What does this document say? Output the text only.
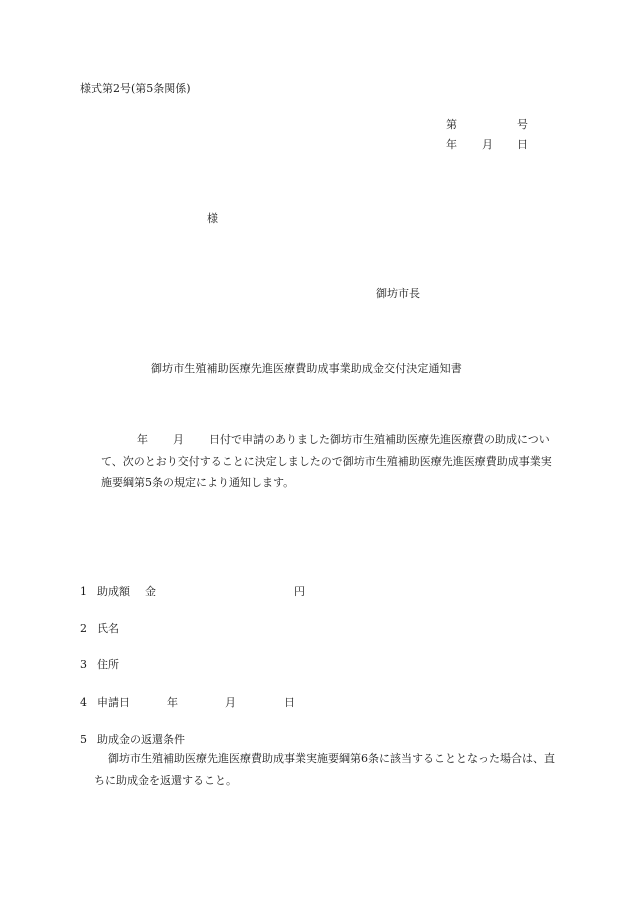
様式第2号(第5条関係)
第	号
年 月 日
様
御坊市長
御坊市生殖補助医療先進医療費助成事業助成金交付決定通知書
年 月 日付で申請のありました御坊市生殖補助医療先進医療費の助成について、次のとおり交付することに決定しましたので御坊市生殖補助医療先進医療費助成事業実施要綱第5条の規定により通知します。
1 助成額 金	円
2 氏名
3 住所
4 申請日	年	月	日
5 助成金の返還条件
御坊市生殖補助医療先進医療費助成事業実施要綱第6条に該当することとなった場合は、直ちに助成金を返還すること。
